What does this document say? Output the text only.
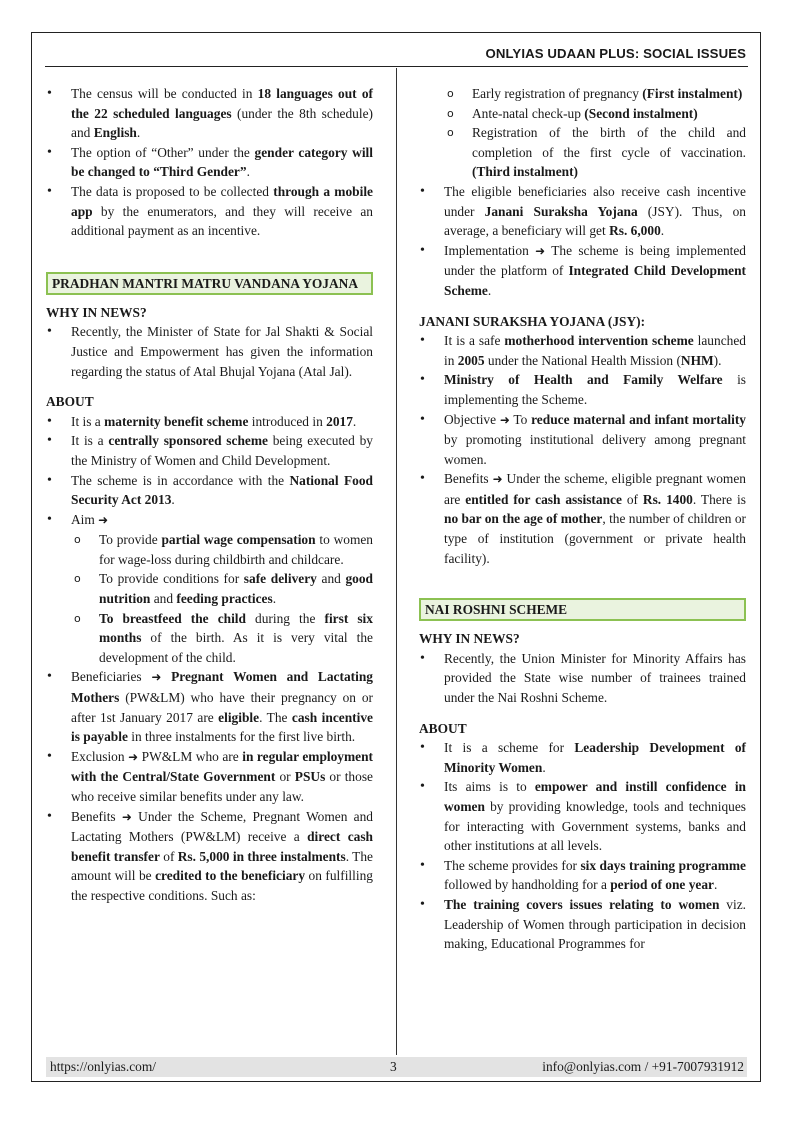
ONLYIAS UDAAN PLUS: SOCIAL ISSUES
• The census will be conducted in 18 languages out of the 22 scheduled languages (under the 8th schedule) and English.
• The option of “Other” under the gender category will be changed to “Third Gender”.
• The data is proposed to be collected through a mobile app by the enumerators, and they will receive an additional payment as an incentive.
PRADHAN MANTRI MATRU VANDANA YOJANA
WHY IN NEWS?
• Recently, the Minister of State for Jal Shakti & Social Justice and Empowerment has given the information regarding the status of Atal Bhujal Yojana (Atal Jal).
ABOUT
• It is a maternity benefit scheme introduced in 2017.
• It is a centrally sponsored scheme being executed by the Ministry of Women and Child Development.
• The scheme is in accordance with the National Food Security Act 2013.
• Aim ➜
o To provide partial wage compensation to women for wage-loss during childbirth and childcare.
o To provide conditions for safe delivery and good nutrition and feeding practices.
o To breastfeed the child during the first six months of the birth. As it is very vital the development of the child.
• Beneficiaries ➜ Pregnant Women and Lactating Mothers (PW&LM) who have their pregnancy on or after 1st January 2017 are eligible. The cash incentive is payable in three instalments for the first live birth.
• Exclusion ➜ PW&LM who are in regular employment with the Central/State Government or PSUs or those who receive similar benefits under any law.
• Benefits ➜ Under the Scheme, Pregnant Women and Lactating Mothers (PW&LM) receive a direct cash benefit transfer of Rs. 5,000 in three instalments. The amount will be credited to the beneficiary on fulfilling the respective conditions. Such as:
o Early registration of pregnancy (First instalment)
o Ante-natal check-up (Second instalment)
o Registration of the birth of the child and completion of the first cycle of vaccination. (Third instalment)
• The eligible beneficiaries also receive cash incentive under Janani Suraksha Yojana (JSY). Thus, on average, a beneficiary will get Rs. 6,000.
• Implementation ➜ The scheme is being implemented under the platform of Integrated Child Development Scheme.
JANANI SURAKSHA YOJANA (JSY):
• It is a safe motherhood intervention scheme launched in 2005 under the National Health Mission (NHM).
• Ministry of Health and Family Welfare is implementing the Scheme.
• Objective ➜ To reduce maternal and infant mortality by promoting institutional delivery among pregnant women.
• Benefits ➜ Under the scheme, eligible pregnant women are entitled for cash assistance of Rs. 1400. There is no bar on the age of mother, the number of children or type of institution (government or private health facility).
NAI ROSHNI SCHEME
WHY IN NEWS?
• Recently, the Union Minister for Minority Affairs has provided the State wise number of trainees trained under the Nai Roshni Scheme.
ABOUT
• It is a scheme for Leadership Development of Minority Women.
• Its aims is to empower and instill confidence in women by providing knowledge, tools and techniques for interacting with Government systems, banks and other institutions at all levels.
• The scheme provides for six days training programme followed by handholding for a period of one year.
• The training covers issues relating to women viz. Leadership of Women through participation in decision making, Educational Programmes for
https://onlyias.com/	3	info@onlyias.com / +91-7007931912
